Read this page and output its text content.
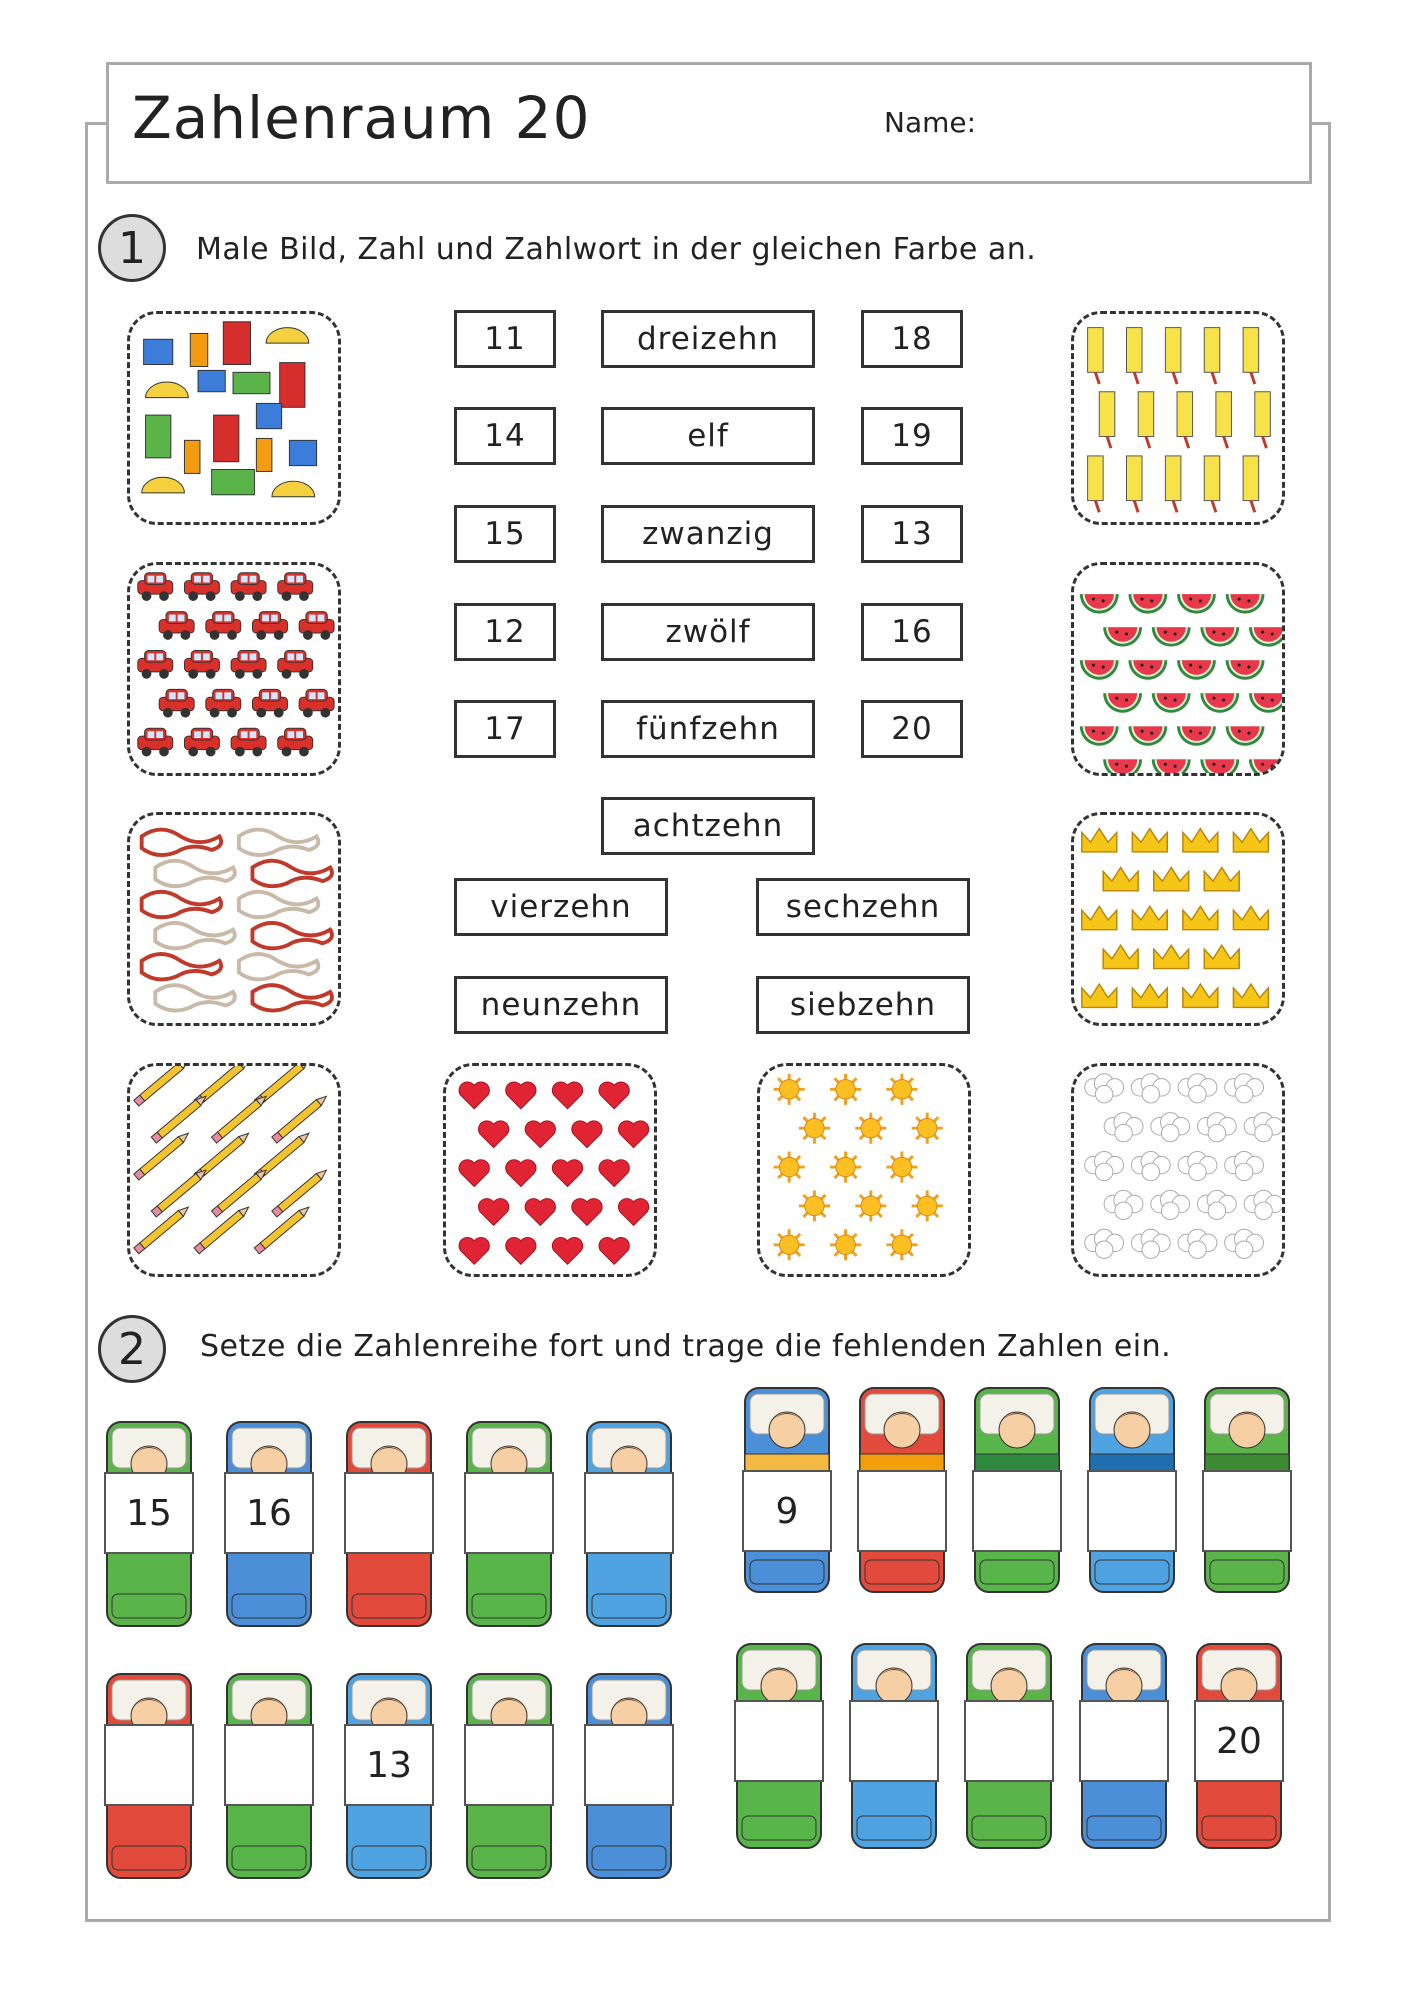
Zahlenraum 20	Name:
1	Male Bild, Zahl und Zahlwort in der gleichen Farbe an.
11
14
15
12
17
dreizehn
elf
zwanzig
zwölf
fünfzehn
achtzehn
18
19
13
16
20
vierzehn	sechzehn
neunzehn	siebzehn
2	Setze die Zahlenreihe fort und trage die fehlenden Zahlen ein.
15	16	9
13
20
